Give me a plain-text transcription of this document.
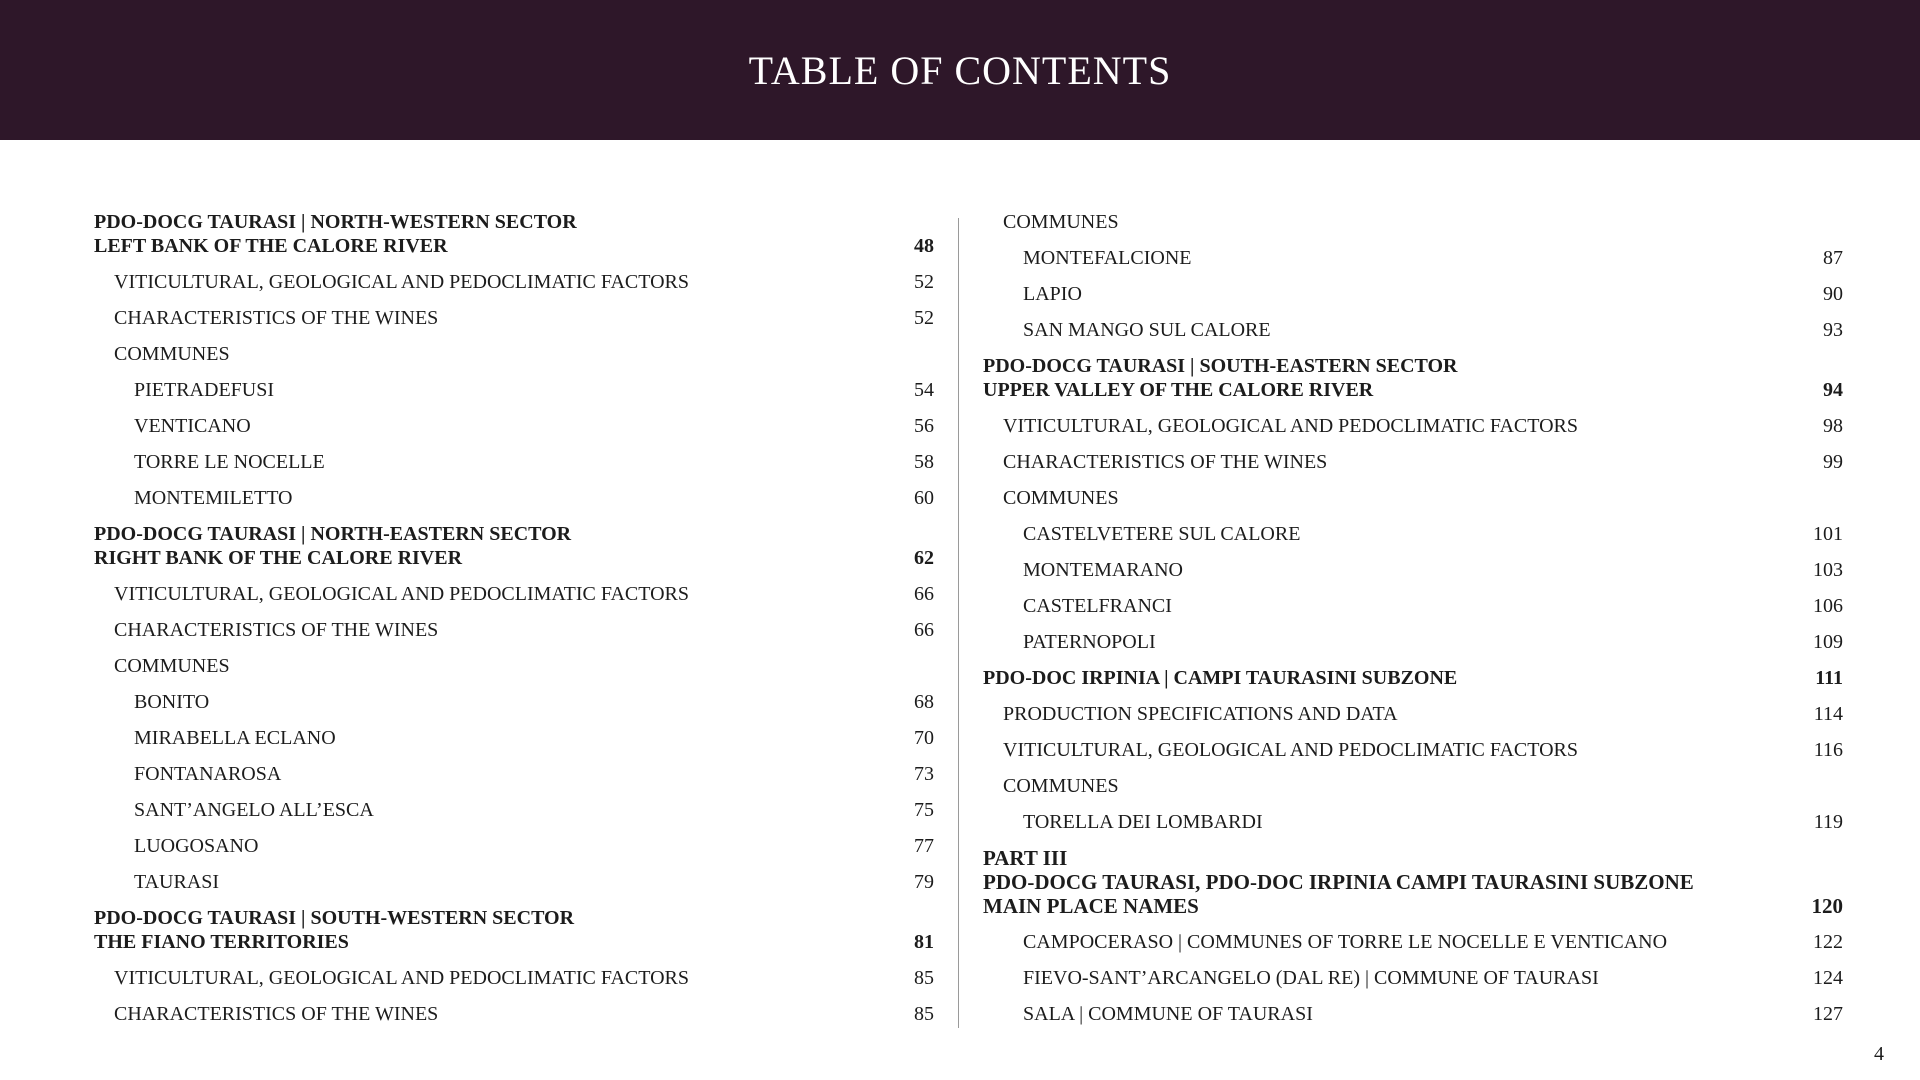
TABLE OF CONTENTS
PDO-DOCG TAURASI | NORTH-WESTERN SECTOR
LEFT BANK OF THE CALORE RIVER	48
VITICULTURAL, GEOLOGICAL AND PEDOCLIMATIC FACTORS	52
CHARACTERISTICS OF THE WINES	52
COMMUNES
PIETRADEFUSI	54
VENTICANO	56
TORRE LE NOCELLE	58
MONTEMILETTO	60
PDO-DOCG TAURASI | NORTH-EASTERN SECTOR
RIGHT BANK OF THE CALORE RIVER	62
VITICULTURAL, GEOLOGICAL AND PEDOCLIMATIC FACTORS	66
CHARACTERISTICS OF THE WINES	66
COMMUNES
BONITO	68
MIRABELLA ECLANO	70
FONTANAROSA	73
SANT’ANGELO ALL’ESCA	75
LUOGOSANO	77
TAURASI	79
PDO-DOCG TAURASI | SOUTH-WESTERN SECTOR
THE FIANO TERRITORIES	81
VITICULTURAL, GEOLOGICAL AND PEDOCLIMATIC FACTORS	85
CHARACTERISTICS OF THE WINES	85
COMMUNES
MONTEFALCIONE	87
LAPIO	90
SAN MANGO SUL CALORE	93
PDO-DOCG TAURASI | SOUTH-EASTERN SECTOR
UPPER VALLEY OF THE CALORE RIVER	94
VITICULTURAL, GEOLOGICAL AND PEDOCLIMATIC FACTORS	98
CHARACTERISTICS OF THE WINES	99
COMMUNES
CASTELVETERE SUL CALORE	101
MONTEMARANO	103
CASTELFRANCI	106
PATERNOPOLI	109
PDO-DOC IRPINIA | CAMPI TAURASINI SUBZONE	111
PRODUCTION SPECIFICATIONS AND DATA	114
VITICULTURAL, GEOLOGICAL AND PEDOCLIMATIC FACTORS	116
COMMUNES
TORELLA DEI LOMBARDI	119
PART III
PDO-DOCG TAURASI, PDO-DOC IRPINIA CAMPI TAURASINI SUBZONE
MAIN PLACE NAMES	120
CAMPOCERASO | COMMUNES OF TORRE LE NOCELLE E VENTICANO	122
FIEVO-SANT’ARCANGELO (DAL RE) | COMMUNE OF TAURASI	124
SALA | COMMUNE OF TAURASI	127
4
